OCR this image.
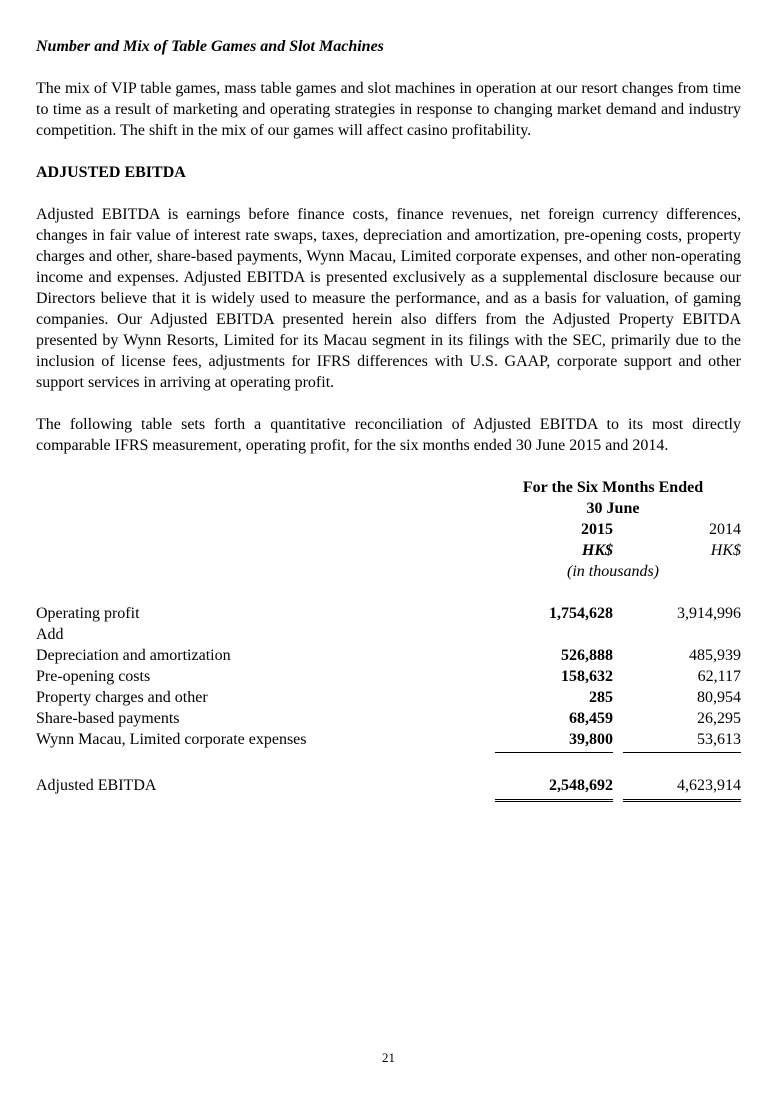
Number and Mix of Table Games and Slot Machines

The mix of VIP table games, mass table games and slot machines in operation at our resort changes from time to time as a result of marketing and operating strategies in response to changing market demand and industry competition. The shift in the mix of our games will affect casino profitability.

ADJUSTED EBITDA

Adjusted EBITDA is earnings before finance costs, finance revenues, net foreign currency differences, changes in fair value of interest rate swaps, taxes, depreciation and amortization, pre-opening costs, property charges and other, share-based payments, Wynn Macau, Limited corporate expenses, and other non-operating income and expenses. Adjusted EBITDA is presented exclusively as a supplemental disclosure because our Directors believe that it is widely used to measure the performance, and as a basis for valuation, of gaming companies. Our Adjusted EBITDA presented herein also differs from the Adjusted Property EBITDA presented by Wynn Resorts, Limited for its Macau segment in its filings with the SEC, primarily due to the inclusion of license fees, adjustments for IFRS differences with U.S. GAAP, corporate support and other support services in arriving at operating profit.

The following table sets forth a quantitative reconciliation of Adjusted EBITDA to its most directly comparable IFRS measurement, operating profit, for the six months ended 30 June 2015 and 2014.

For the Six Months Ended
30 June
2015	2014
HK$	HK$
(in thousands)
Operating profit	1,754,628	3,914,996
Add
Depreciation and amortization	526,888	485,939
Pre-opening costs	158,632	62,117
Property charges and other	285	80,954
Share-based payments	68,459	26,295
Wynn Macau, Limited corporate expenses	39,800	53,613
Adjusted EBITDA	2,548,692	4,623,914
21
